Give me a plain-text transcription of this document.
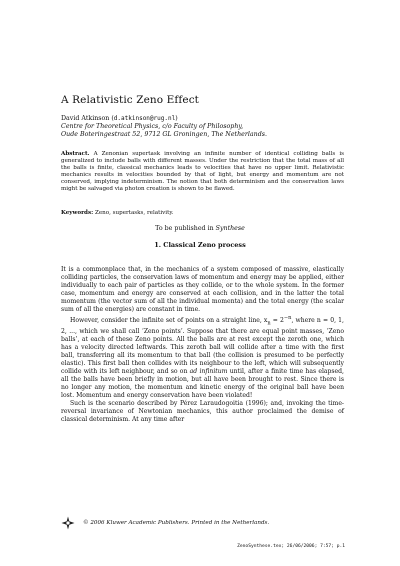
A Relativistic Zeno Effect
David Atkinson (d.atkinson@rug.nl)
Centre for Theoretical Physics, c/o Faculty of Philosophy,
Oude Boteringestraat 52, 9712 GL Groningen, The Netherlands.
Abstract. A Zenonian supertask involving an infinite number of identical colliding balls is generalized to include balls with different masses. Under the restriction that the total mass of all the balls is finite, classical mechanics leads to velocities that have no upper limit. Relativistic mechanics results in velocities bounded by that of light, but energy and momentum are not conserved, implying indeterminism. The notion that both determinism and the conservation laws might be salvaged via photon creation is shown to be flawed.
Keywords: Zeno, supertasks, relativity.
To be published in Synthese
1. Classical Zeno process

It is a commonplace that, in the mechanics of a system composed of massive, elastically colliding particles, the conservation laws of momentum and energy may be applied, either individually to each pair of particles as they collide, or to the whole system. In the former case, momentum and energy are conserved at each collision, and in the latter the total momentum (the vector sum of all the individual momenta) and the total energy (the scalar sum of all the energies) are constant in time.

However, consider the infinite set of points on a straight line, $x_n = 2^{-n}$, where n = 0, 1, 2, ..., which we shall call ‘Zeno points’. Suppose that there are equal point masses, ‘Zeno balls’, at each of these Zeno points. All the balls are at rest except the zeroth one, which has a velocity directed leftwards. This zeroth ball will collide after a time with the first ball, transferring all its momentum to that ball (the collision is presumed to be perfectly elastic). This first ball then collides with its neighbour to the left, which will subsequently collide with its left neighbour, and so on ad infinitum until, after a finite time has elapsed, all the balls have been briefly in motion, but all have been brought to rest. Since there is no longer any motion, the momentum and kinetic energy of the original ball have been lost. Momentum and energy conservation have been violated!

Such is the scenario described by Pérez Laraudogoitia (1996); and, invoking the time-reversal invariance of Newtonian mechanics, this author proclaimed the demise of classical determinism. At any time after

© 2006 Kluwer Academic Publishers. Printed in the Netherlands.
ZenoSynthese.tex; 26/06/2006; 7:57; p.1
